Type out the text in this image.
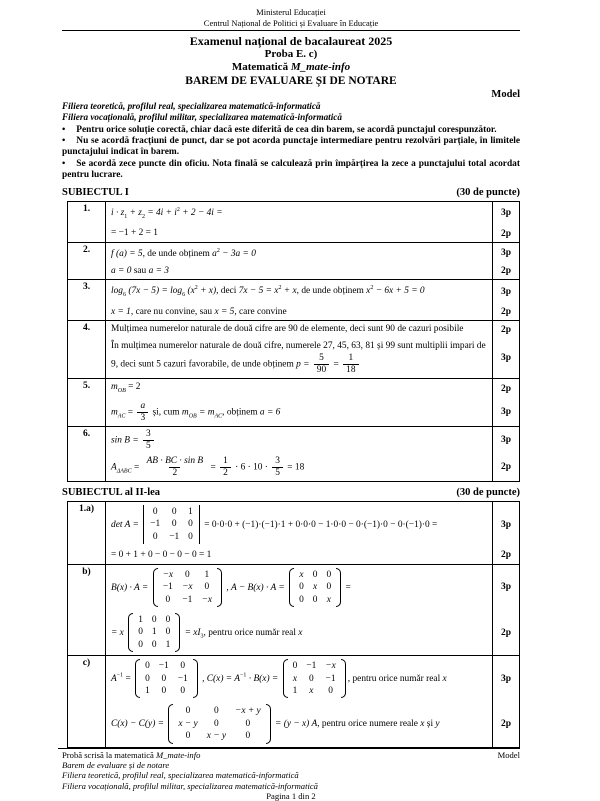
Ministerul Educației
Centrul Național de Politici și Evaluare în Educație
Examenul național de bacalaureat 2025
Proba E. c)
Matematică M_mate-info
BAREM DE EVALUARE ȘI DE NOTARE
Model
Filiera teoretică, profilul real, specializarea matematică-informatică
Filiera vocațională, profilul militar, specializarea matematică-informatică

• Pentru orice soluție corectă, chiar dacă este diferită de cea din barem, se acordă punctajul corespunzător.

• Nu se acordă fracțiuni de punct, dar se pot acorda punctaje intermediare pentru rezolvări parțiale, în limitele punctajului indicat în barem.

• Se acordă zece puncte din oficiu. Nota finală se calculează prin împărțirea la zece a punctajului total acordat pentru lucrare.

SUBIECTUL I	(30 de puncte)
1.	$i \cdot z_1 + z_2 = 4i + i^2 + 2 - 4i$ =	3p
= −1 + 2 = 1	2p
2.	f (a) = 5, de unde obținem $a^2 - 3a = 0$	3p
a = 0 sau a = 3	2p
3.	$\log_6 (7x - 5) = \log_6 (x^2 + x)$, deci $7x - 5 = x^2 + x$, de unde obținem $x^2 - 6x + 5 = 0$	3p
x = 1, care nu convine, sau x = 5, care convine	2p
4.	Mulțimea numerelor naturale de două cifre are 90 de elemente, deci sunt 90 de cazuri posibile	2p
În mulțimea numerelor naturale de două cifre, numerele 27, 45, 63, 81 și 99 sunt multiplii impari de 9, deci sunt 5 cazuri favorabile, de unde obținem $p = \frac{5}{90} = \frac{1}{18}$	3p
5.	$m_{OB} = 2$	2p
$m_{AC} = \frac{a}{3}$ și, cum $m_{OB} = m_{AC}$, obținem a = 6	3p
6.
$\sin B = \frac{3}{5}$	3p
$A_{\Delta ABC} = \frac{\text{AB · BC · sin B}}{2} = \frac{1}{2} \cdot 6 \cdot 10 \cdot \frac{3}{5} = 18$	2p
SUBIECTUL al II-lea	(30 de puncte)
1.a)
det A =
0 0 1
−1 0 0
0 −1 0
= 0·0·0 + (−1)·(−1)·1 + 0·0·0 − 1·0·0 − 0·(−1)·0 − 0·(−1)·0 =	3p
= 0 + 1 + 0 − 0 − 0 − 0 = 1	2p
b)
B(x) · A =
−x	0	1
−1 −x	0
0	−1 −x
, A − B(x) · A =
x 0 0
0 x 0
0 0 x
=	3p
= x
1 0 0
0 1 0
0 0 1
= $xI_3$, pentru orice număr real x	2p
c)
$A^{-1}$ =
0 −1 0
0 0 −1
1 0 0
, $C(x) = A^{-1} \cdot B(x)$ =
0 −1 −x
x 0 −1
1	x	0
, pentru orice număr real x	3p
C(x) − C(y) =
0	0	−x + y
x − y	0	0
0	x − y	0
= (y − x) A, pentru orice numere reale x și y	2p
Probă scrisă la matematică M_mate-info	Model
Barem de evaluare și de notare
Filiera teoretică, profilul real, specializarea matematică-informatică
Filiera vocațională, profilul militar, specializarea matematică-informatică
Pagina 1 din 2
